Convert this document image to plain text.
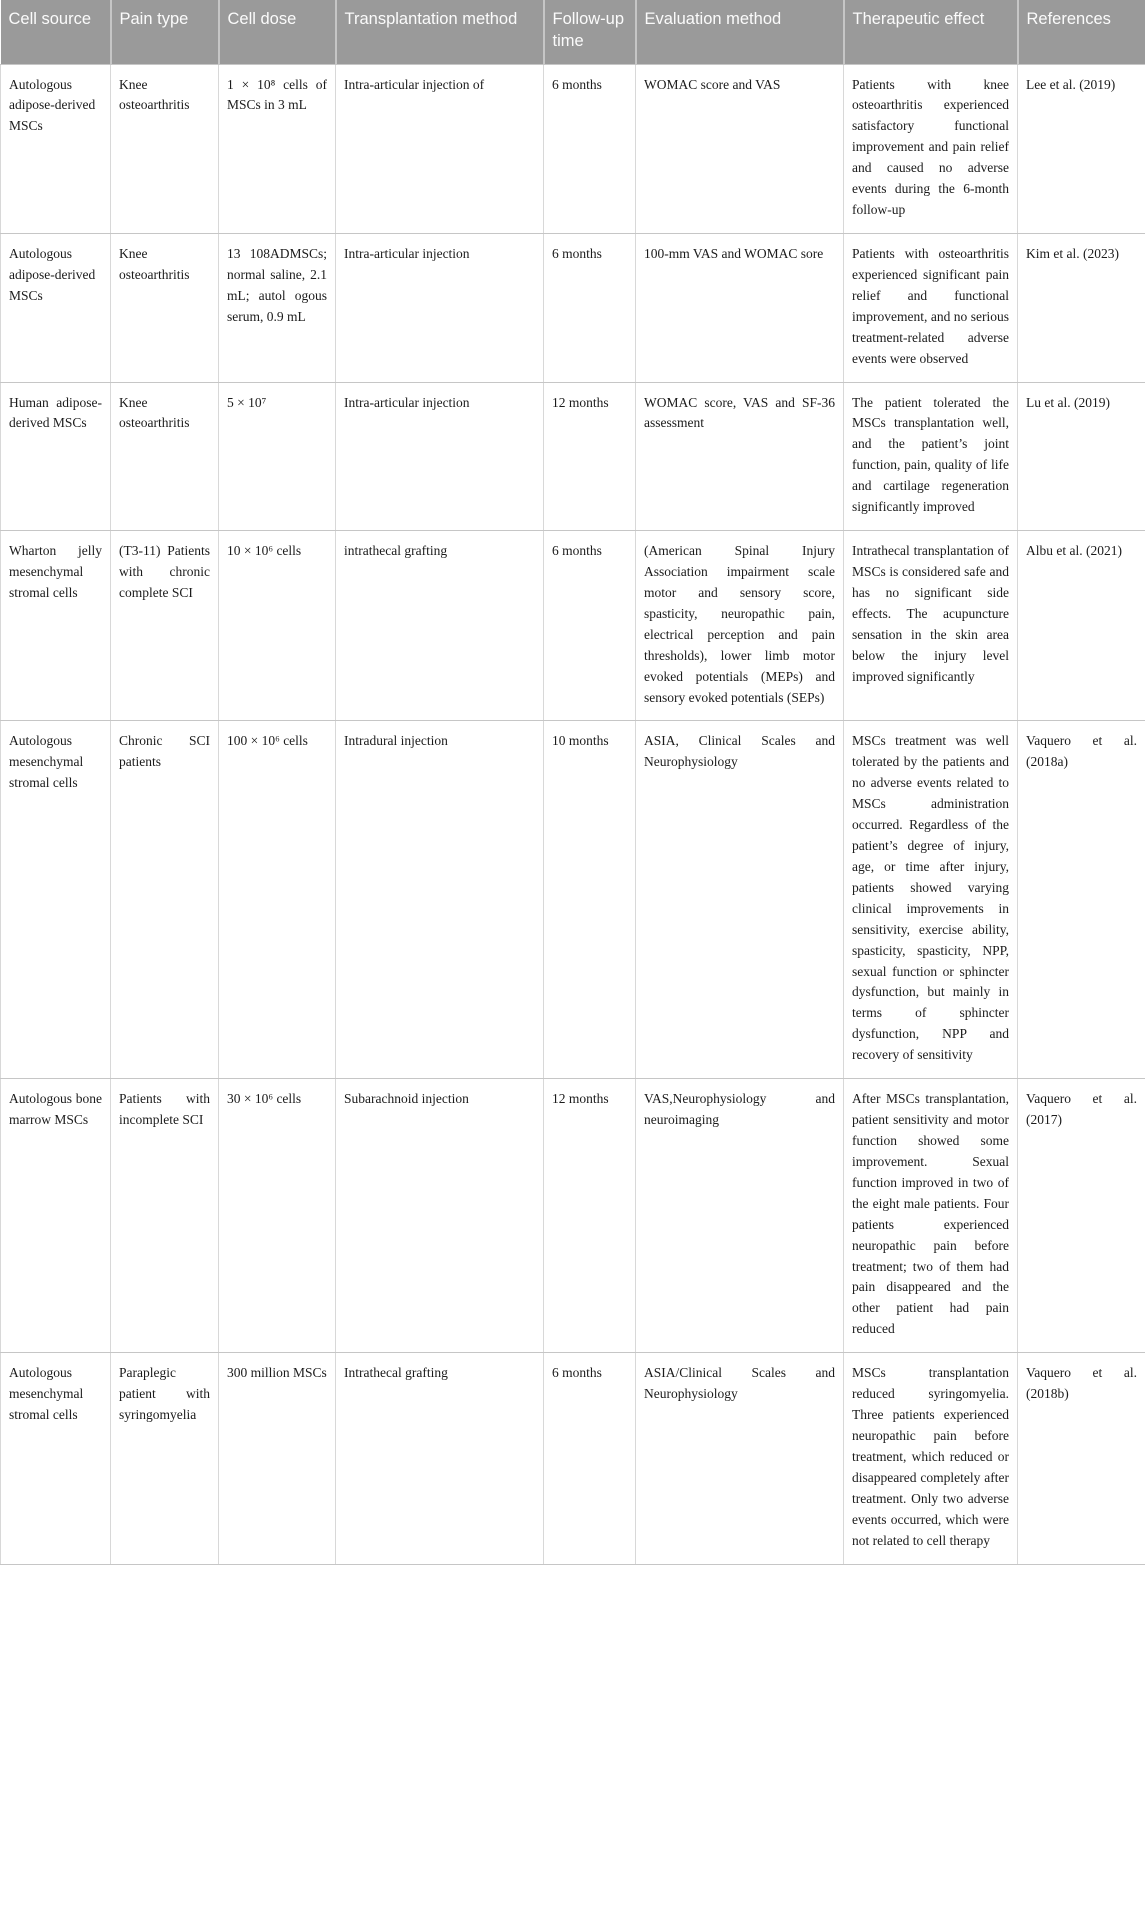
Cell source	Pain type	Cell dose	Transplantation method	Follow-up time	Evaluation method	Therapeutic effect	References
Autologous adipose-derived MSCs	Knee osteoarthritis	1 × 10⁸ cells of MSCs in 3 mL	Intra-articular injection of	6 months	WOMAC score and VAS	Patients with knee osteoarthritis experienced satisfactory functional improvement and pain relief and caused no adverse events during the 6-month follow-up	Lee et al. (2019)
Autologous adipose-derived MSCs	Knee osteoarthritis	13 108ADMSCs; normal saline, 2.1 mL; autol ogous serum, 0.9 mL	Intra-articular injection	6 months	100-mm VAS and WOMAC sore	Patients with osteoarthritis experienced significant pain relief and functional improvement, and no serious treatment-related adverse events were observed	Kim et al. (2023)
Human adipose-derived MSCs	Knee osteoarthritis	5 × 10⁷	Intra-articular injection	12 months	WOMAC score, VAS and SF-36 assessment	The patient tolerated the MSCs transplantation well, and the patient’s joint function, pain, quality of life and cartilage regeneration significantly improved	Lu et al. (2019)
Wharton jelly mesenchymal stromal cells	(T3-11) Patients with chronic complete SCI	10 × 10⁶ cells	intrathecal grafting	6 months	(American Spinal Injury Association impairment scale motor and sensory score, spasticity, neuropathic pain, electrical perception and pain thresholds), lower limb motor evoked potentials (MEPs) and sensory evoked potentials (SEPs)	Intrathecal transplantation of MSCs is considered safe and has no significant side effects. The acupuncture sensation in the skin area below the injury level improved significantly	Albu et al. (2021)
Autologous mesenchymal stromal cells	Chronic SCI patients	100 × 10⁶ cells	Intradural injection	10 months	ASIA, Clinical Scales and Neurophysiology	MSCs treatment was well tolerated by the patients and no adverse events related to MSCs administration occurred. Regardless of the patient’s degree of injury, age, or time after injury, patients showed varying clinical improvements in sensitivity, exercise ability, spasticity, spasticity, NPP, sexual function or sphincter dysfunction, but mainly in terms of sphincter dysfunction, NPP and recovery of sensitivity	Vaquero et al. (2018a)
Autologous bone marrow MSCs	Patients with incomplete SCI	30 × 10⁶ cells	Subarachnoid injection	12 months	VAS,Neurophysiology and neuroimaging	After MSCs transplantation, patient sensitivity and motor function showed some improvement. Sexual function improved in two of the eight male patients. Four patients experienced neuropathic pain before treatment; two of them had pain disappeared and the other patient had pain reduced	Vaquero et al. (2017)
Autologous mesenchymal stromal cells	Paraplegic patient with syringomyelia	300 million MSCs	Intrathecal grafting	6 months	ASIA/Clinical Scales and Neurophysiology	MSCs transplantation reduced syringomyelia. Three patients experienced neuropathic pain before treatment, which reduced or disappeared completely after treatment. Only two adverse events occurred, which were not related to cell therapy	Vaquero et al. (2018b)
